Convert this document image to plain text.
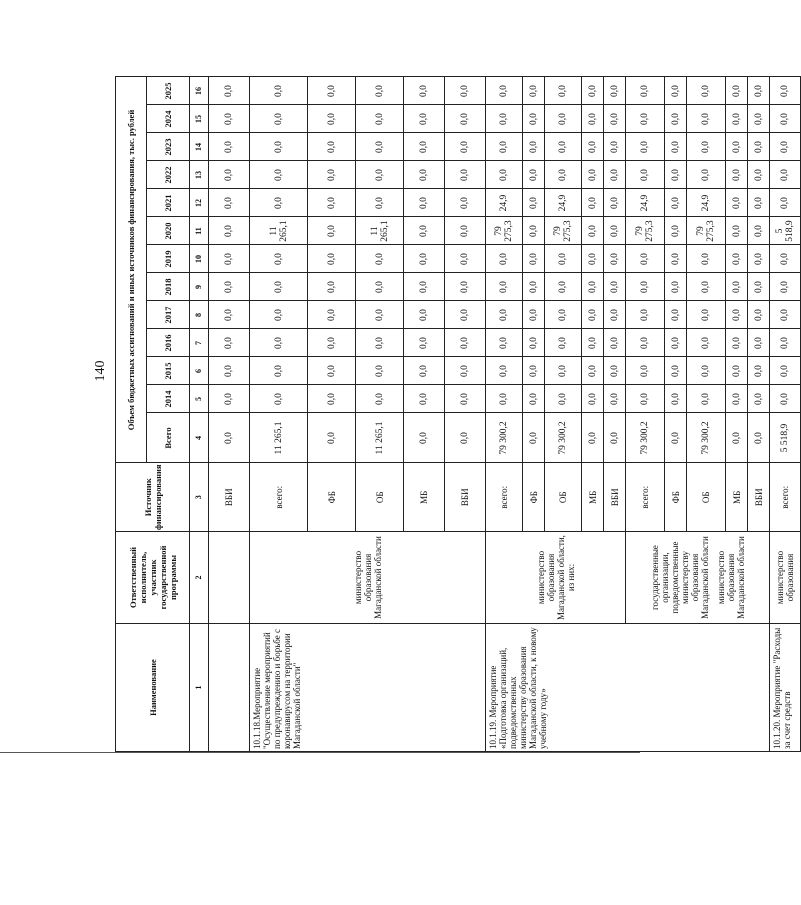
140
Наименование	Ответственный исполнитель, участник государственной программы	Источник финансирования	Объем бюджетных ассигнований и иных источников финансирования, тыс. рублей												
			Всего	2014	2015	2016	2017	2018	2019	2020	2021	2022	2023	2024	2025
1	2	3	4	5	6	7	8	9	10	11	12	13	14	15	16
		ВБИ	0,0	0,0	0,0	0,0	0,0	0,0	0,0	0,0	0,0	0,0	0,0	0,0	0,0
10.1.18.Мероприятие "Осуществление мероприятий по предупреждению и борьбе с коронавирусом на территории Магаданской области"	министерство образования Магаданской области	всего:	11 265,1	0,0	0,0	0,0	0,0	0,0	0,0	11 265,1	0,0	0,0	0,0	0,0	0,0
		ФБ	0,0	0,0	0,0	0,0	0,0	0,0	0,0	0,0	0,0	0,0	0,0	0,0	0,0
		ОБ	11 265,1	0,0	0,0	0,0	0,0	0,0	0,0	11 265,1	0,0	0,0	0,0	0,0	0,0
		МБ	0,0	0,0	0,0	0,0	0,0	0,0	0,0	0,0	0,0	0,0	0,0	0,0	0,0
		ВБИ	0,0	0,0	0,0	0,0	0,0	0,0	0,0	0,0	0,0	0,0	0,0	0,0	0,0
10.1.19. Мероприятие «Подготовка организаций, подведомственных министерству образования Магаданской области, к новому учебному году»	министерство образования Магаданской области, из них:	всего:	79 300,2	0,0	0,0	0,0	0,0	0,0	0,0	79 275,3	24,9	0,0	0,0	0,0	0,0
		ФБ	0,0	0,0	0,0	0,0	0,0	0,0	0,0	0,0	0,0	0,0	0,0	0,0	0,0
		ОБ	79 300,2	0,0	0,0	0,0	0,0	0,0	0,0	79 275,3	24,9	0,0	0,0	0,0	0,0
		МБ	0,0	0,0	0,0	0,0	0,0	0,0	0,0	0,0	0,0	0,0	0,0	0,0	0,0
		ВБИ	0,0	0,0	0,0	0,0	0,0	0,0	0,0	0,0	0,0	0,0	0,0	0,0	0,0

	государственные организации, подведомственные министерству образования Магаданской области министерство образования Магаданской области	всего:	79 300,2	0,0	0,0	0,0	0,0	0,0	0,0	79 275,3	24,9	0,0	0,0	0,0	0,0
		ФБ	0,0	0,0	0,0	0,0	0,0	0,0	0,0	0,0	0,0	0,0	0,0	0,0	0,0
		ОБ	79 300,2	0,0	0,0	0,0	0,0	0,0	0,0	79 275,3	24,9	0,0	0,0	0,0	0,0
		МБ	0,0	0,0	0,0	0,0	0,0	0,0	0,0	0,0	0,0	0,0	0,0	0,0	0,0
		ВБИ	0,0	0,0	0,0	0,0	0,0	0,0	0,0	0,0	0,0	0,0	0,0	0,0	0,0
10.1.20. Мероприятие "Расходы за счет средств	министерство образования	всего:	5 518,9	0,0	0,0	0,0	0,0	0,0	0,0	5 518,9	0,0	0,0	0,0	0,0	0,0
